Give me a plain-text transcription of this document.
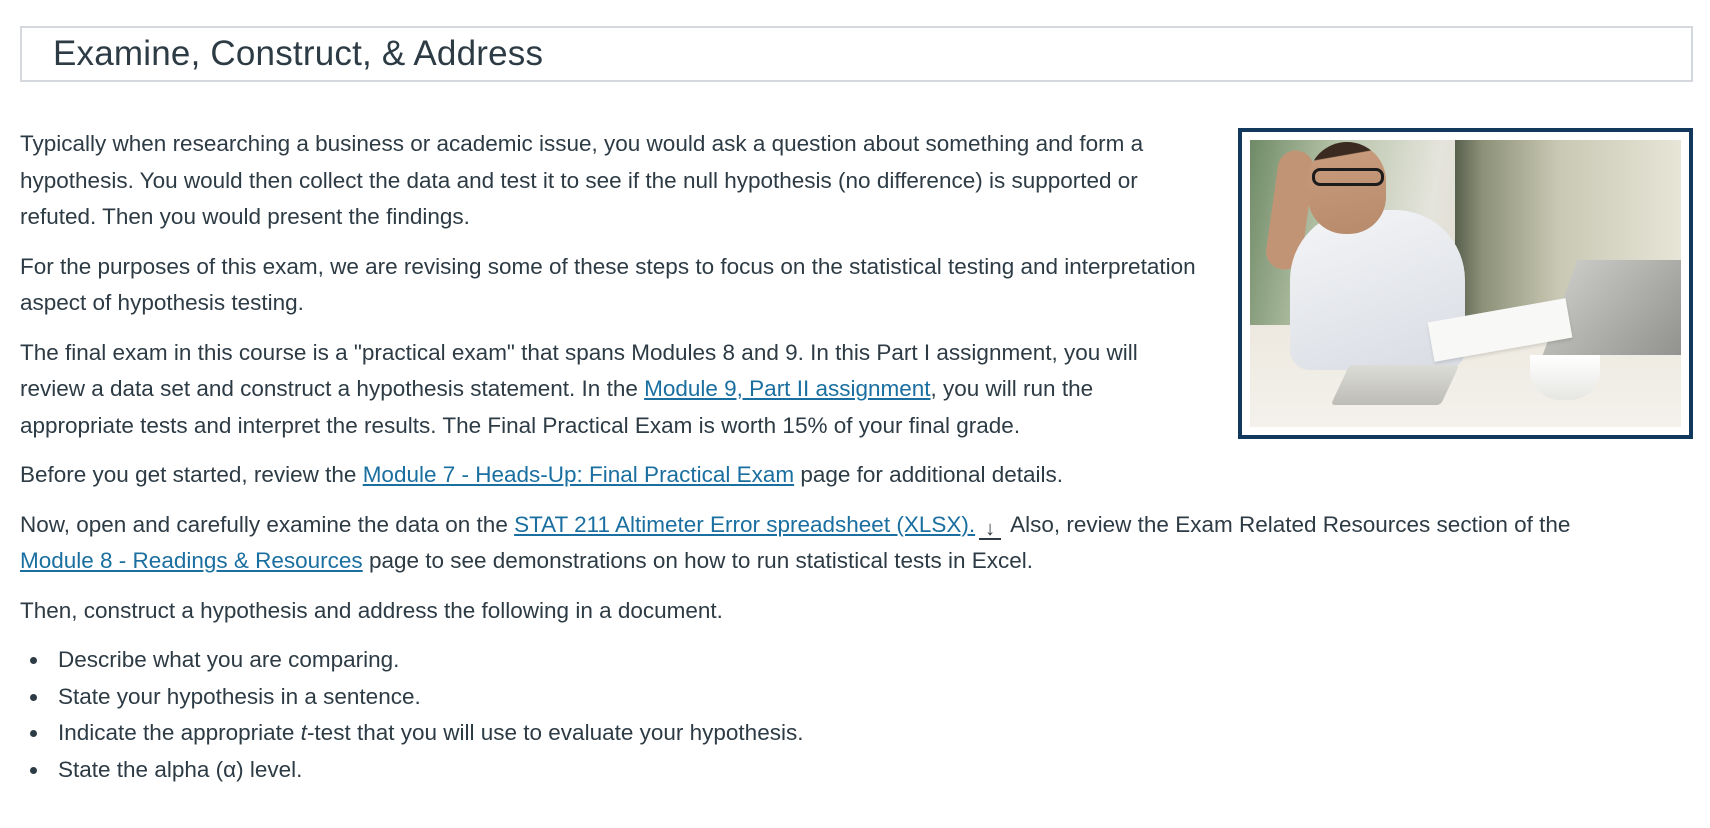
Examine, Construct, & Address

Typically when researching a business or academic issue, you would ask a question about something and form a hypothesis. You would then collect the data and test it to see if the null hypothesis (no difference) is supported or refuted. Then you would present the findings.

For the purposes of this exam, we are revising some of these steps to focus on the statistical testing and interpretation aspect of hypothesis testing.

The final exam in this course is a "practical exam" that spans Modules 8 and 9. In this Part I assignment, you will review a data set and construct a hypothesis statement. In the Module 9, Part II assignment, you will run the appropriate tests and interpret the results. The Final Practical Exam is worth 15% of your final grade.

Before you get started, review the Module 7 - Heads-Up: Final Practical Exam page for additional details.

Now, open and carefully examine the data on the STAT 211 Altimeter Error spreadsheet (XLSX). ↓ Also, review the Exam Related Resources section of the
Module 8 - Readings & Resources page to see demonstrations on how to run statistical tests in Excel.

Then, construct a hypothesis and address the following in a document.

Describe what you are comparing.
State your hypothesis in a sentence.
Indicate the appropriate t-test that you will use to evaluate your hypothesis.
State the alpha (α) level.
